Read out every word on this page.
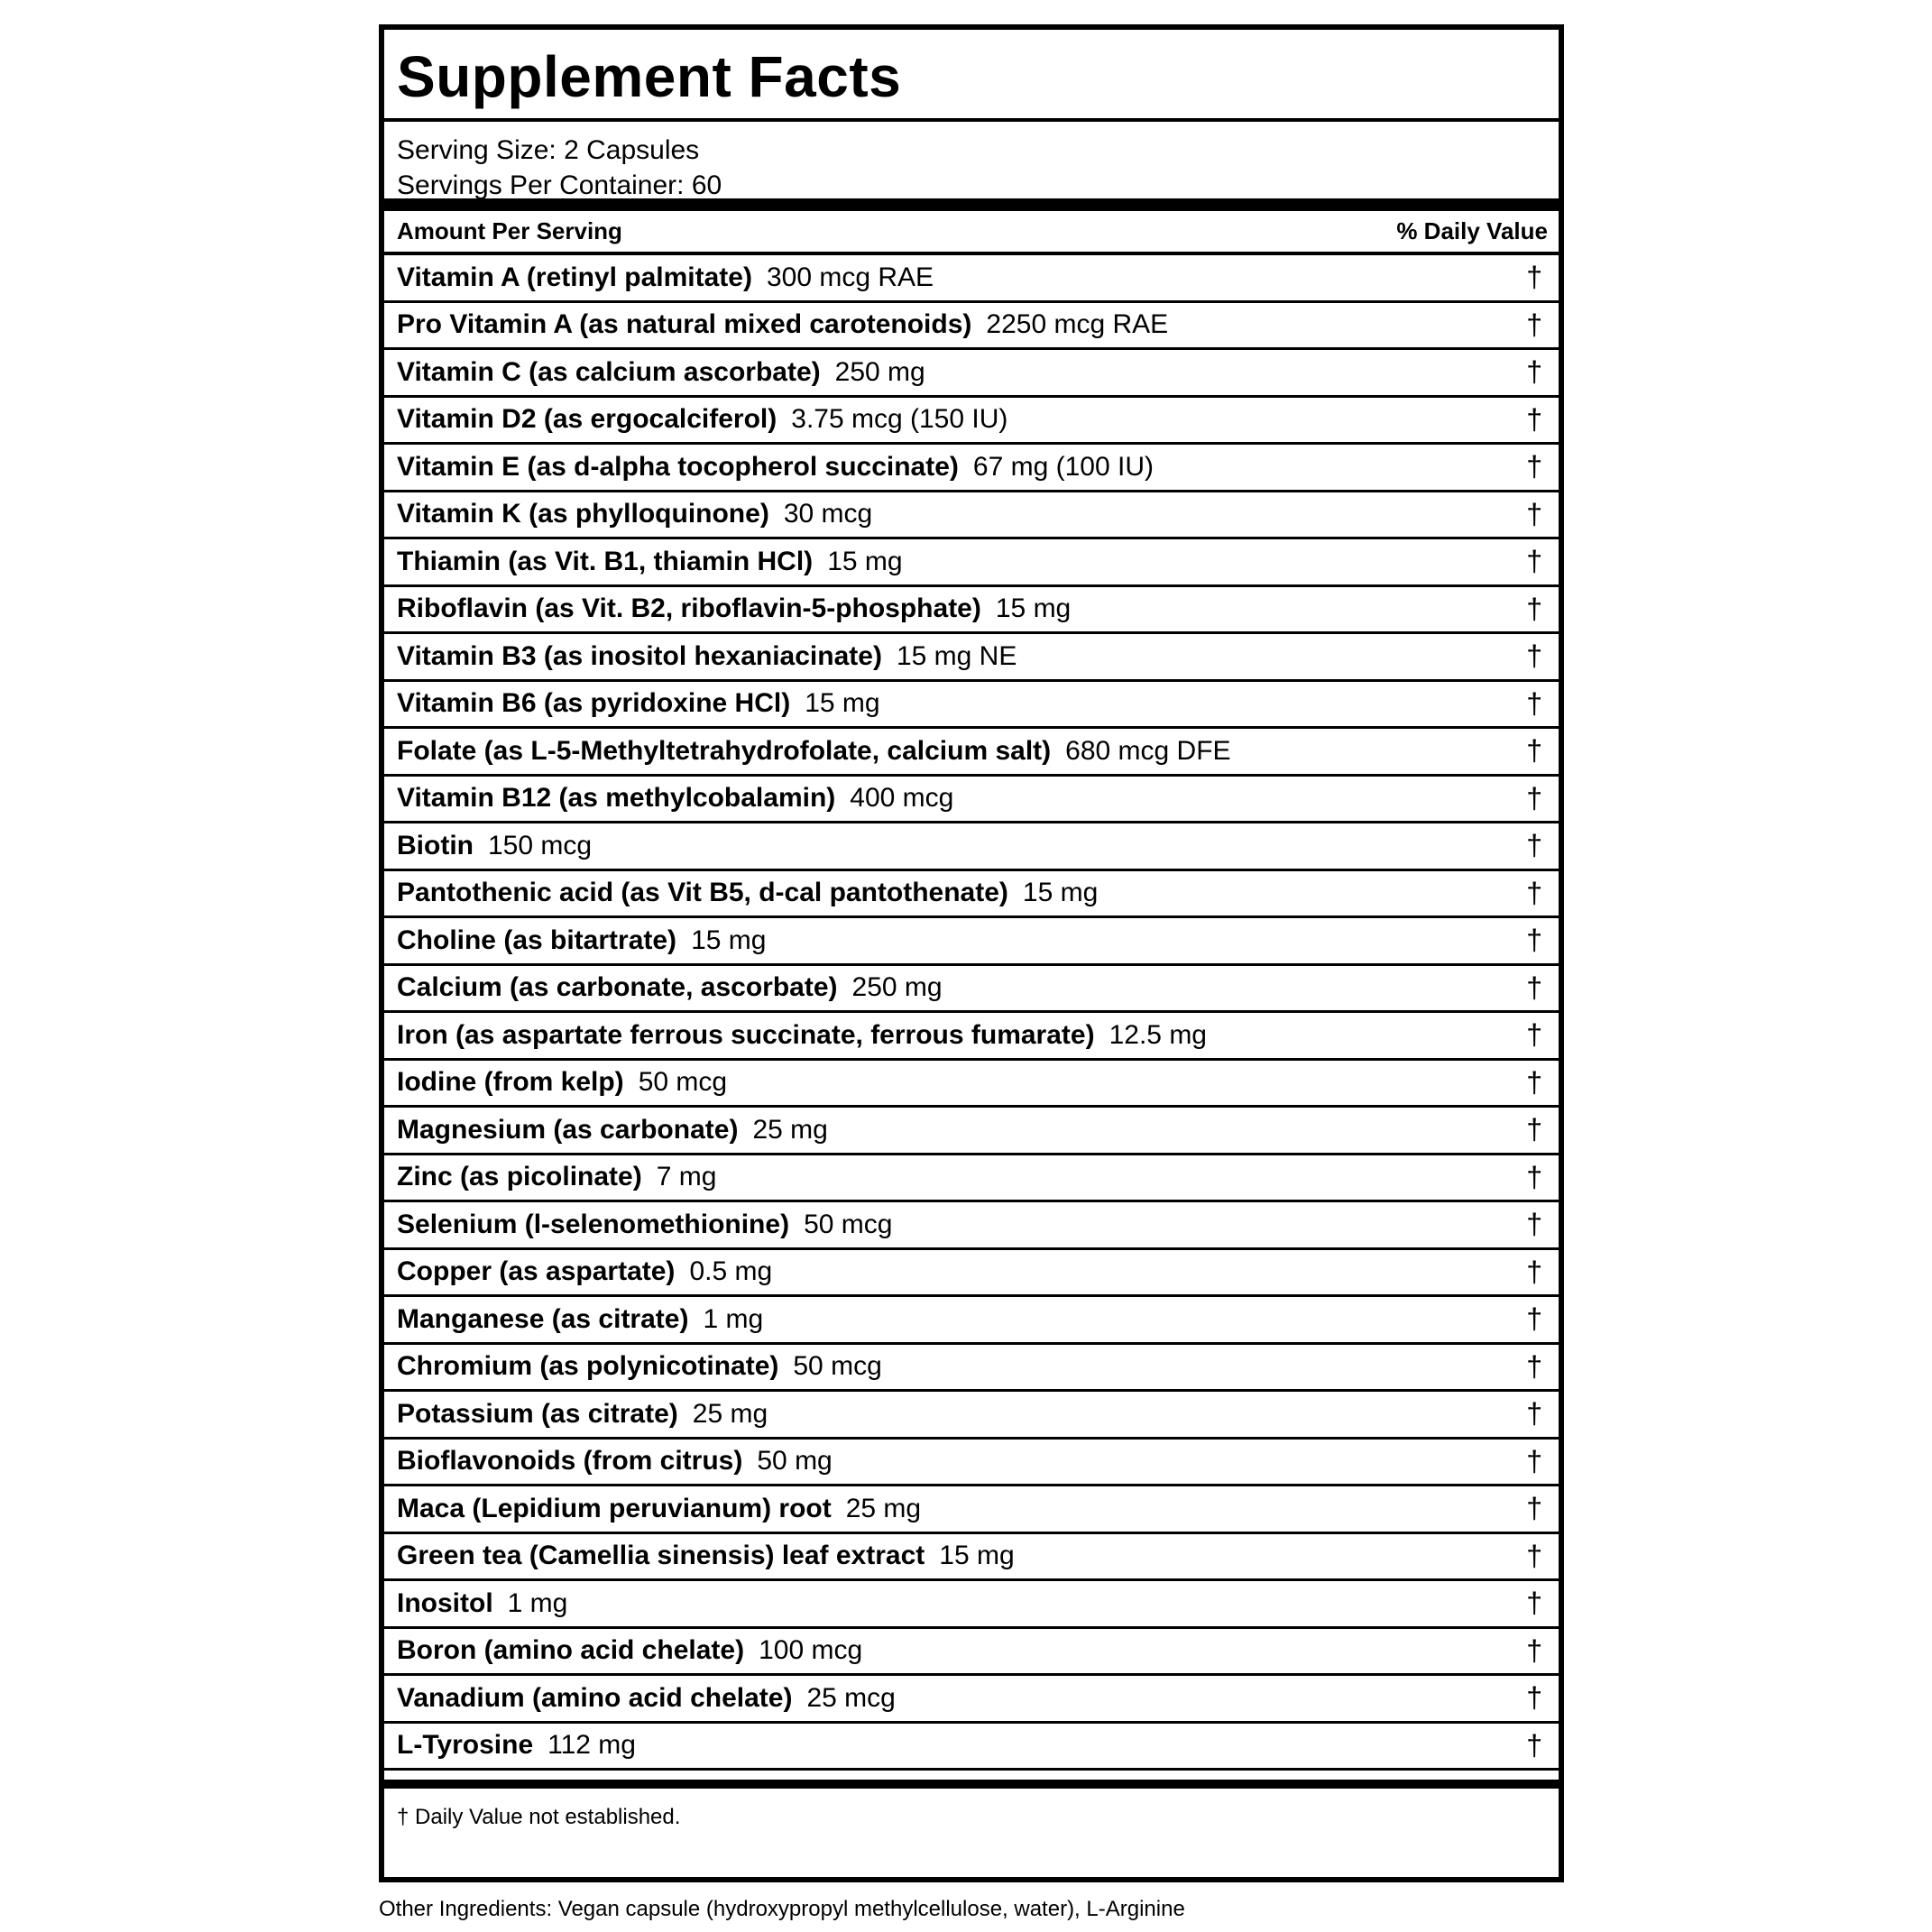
Supplement Facts
Serving Size: 2 Capsules
Servings Per Container: 60
Amount Per Serving	% Daily Value
Vitamin A (retinyl palmitate) 300 mcg RAE	†
Pro Vitamin A (as natural mixed carotenoids) 2250 mcg RAE	†
Vitamin C (as calcium ascorbate) 250 mg	†
Vitamin D2 (as ergocalciferol) 3.75 mcg (150 IU)	†
Vitamin E (as d-alpha tocopherol succinate) 67 mg (100 IU)	†
Vitamin K (as phylloquinone) 30 mcg	†
Thiamin (as Vit. B1, thiamin HCl) 15 mg	†
Riboflavin (as Vit. B2, riboflavin-5-phosphate) 15 mg	†
Vitamin B3 (as inositol hexaniacinate) 15 mg NE	†
Vitamin B6 (as pyridoxine HCl) 15 mg	†
Folate (as L-5-Methyltetrahydrofolate, calcium salt) 680 mcg DFE	†
Vitamin B12 (as methylcobalamin) 400 mcg	†
Biotin 150 mcg	†
Pantothenic acid (as Vit B5, d-cal pantothenate) 15 mg	†
Choline (as bitartrate) 15 mg	†
Calcium (as carbonate, ascorbate) 250 mg	†
Iron (as aspartate ferrous succinate, ferrous fumarate) 12.5 mg	†
Iodine (from kelp) 50 mcg	†
Magnesium (as carbonate) 25 mg	†
Zinc (as picolinate) 7 mg	†
Selenium (l-selenomethionine) 50 mcg	†
Copper (as aspartate) 0.5 mg	†
Manganese (as citrate) 1 mg	†
Chromium (as polynicotinate) 50 mcg	†
Potassium (as citrate) 25 mg	†
Bioflavonoids (from citrus) 50 mg	†
Maca (Lepidium peruvianum) root 25 mg	†
Green tea (Camellia sinensis) leaf extract 15 mg	†
Inositol 1 mg	†
Boron (amino acid chelate) 100 mcg	†
Vanadium (amino acid chelate) 25 mcg	†
L-Tyrosine 112 mg	†
† Daily Value not established.
Other Ingredients: Vegan capsule (hydroxypropyl methylcellulose, water), L-Arginine
